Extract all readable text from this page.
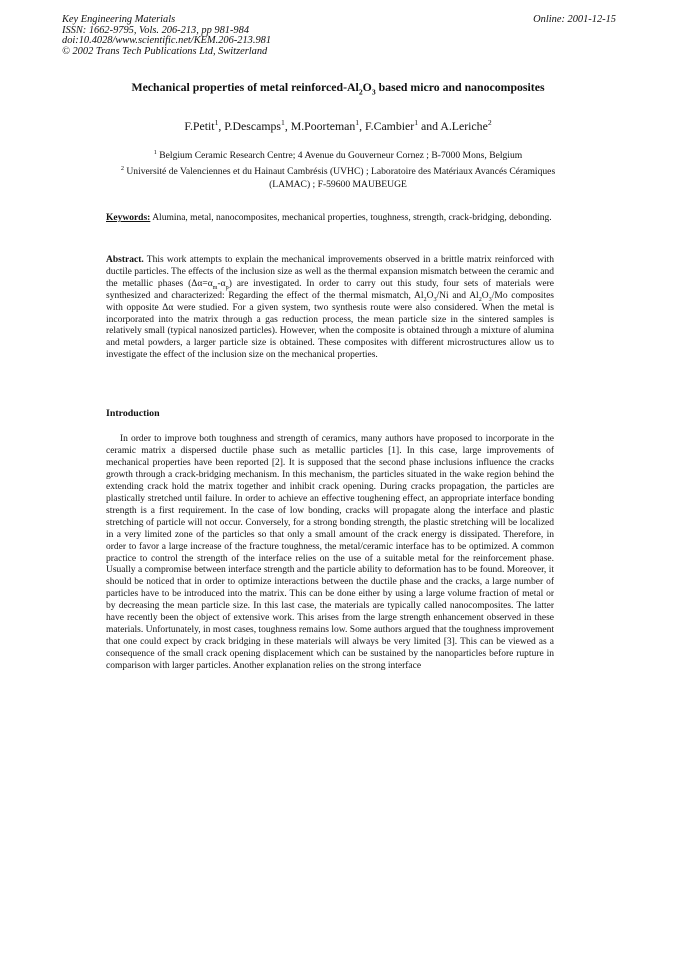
Key Engineering Materials
ISSN: 1662-9795, Vols. 206-213, pp 981-984
doi:10.4028/www.scientific.net/KEM.206-213.981
© 2002 Trans Tech Publications Ltd, Switzerland
Online: 2001-12-15
Mechanical properties of metal reinforced-$Al_2O_3$ based micro and nanocomposites
F.Petit$^1$, P.Descamps$^1$, M.Poorteman$^1$, F.Cambier$^1$ and A.Leriche$^2$
$^1$ Belgium Ceramic Research Centre; 4 Avenue du Gouverneur Cornez ; B-7000 Mons, Belgium
$^2$ Université de Valenciennes et du Hainaut Cambrésis (UVHC) ; Laboratoire des Matériaux Avancés Céramiques (LAMAC) ; F-59600 MAUBEUGE
Keywords: Alumina, metal, nanocomposites, mechanical properties, toughness, strength, crack-bridging, debonding.
Abstract. This work attempts to explain the mechanical improvements observed in a brittle matrix reinforced with ductile particles. The effects of the inclusion size as well as the thermal expansion mismatch between the ceramic and the metallic phases $(\Delta\alpha=\alpha_m-\alpha_p)$ are investigated. In order to carry out this study, four sets of materials were synthesized and characterized: Regarding the effect of the thermal mismatch, $Al_2O_3/Ni$ and $Al_2O_3/Mo$ composites with opposite Δα were studied. For a given system, two synthesis route were also considered. When the metal is incorporated into the matrix through a gas reduction process, the mean particle size in the sintered samples is relatively small (typical nanosized particles). However, when the composite is obtained through a mixture of alumina and metal powders, a larger particle size is obtained. These composites with different microstructures allow us to investigate the effect of the inclusion size on the mechanical properties.
Introduction
In order to improve both toughness and strength of ceramics, many authors have proposed to incorporate in the ceramic matrix a dispersed ductile phase such as metallic particles [1]. In this case, large improvements of mechanical properties have been reported [2]. It is supposed that the second phase inclusions influence the cracks growth through a crack-bridging mechanism. In this mechanism, the particles situated in the wake region behind the extending crack hold the matrix together and inhibit crack opening. During cracks propagation, the particles are plastically stretched until failure. In order to achieve an effective toughening effect, an appropriate interface bonding strength is a first requirement. In the case of low bonding, cracks will propagate along the interface and plastic stretching of particle will not occur. Conversely, for a strong bonding strength, the plastic stretching will be localized in a very limited zone of the particles so that only a small amount of the crack energy is dissipated. Therefore, in order to favor a large increase of the fracture toughness, the metal/ceramic interface has to be optimized. A common practice to control the strength of the interface relies on the use of a suitable metal for the reinforcement phase. Usually a compromise between interface strength and the particle ability to deformation has to be found. Moreover, it should be noticed that in order to optimize interactions between the ductile phase and the cracks, a large number of particles have to be introduced into the matrix. This can be done either by using a large volume fraction of metal or by decreasing the mean particle size. In this last case, the materials are typically called nanocomposites. The latter have recently been the object of extensive work. This arises from the large strength enhancement observed in these materials. Unfortunately, in most cases, toughness remains low. Some authors argued that the toughness improvement that one could expect by crack bridging in these materials will always be very limited [3]. This can be viewed as a consequence of the small crack opening displacement which can be sustained by the nanoparticles before rupture in comparison with larger particles. Another explanation relies on the strong interface
